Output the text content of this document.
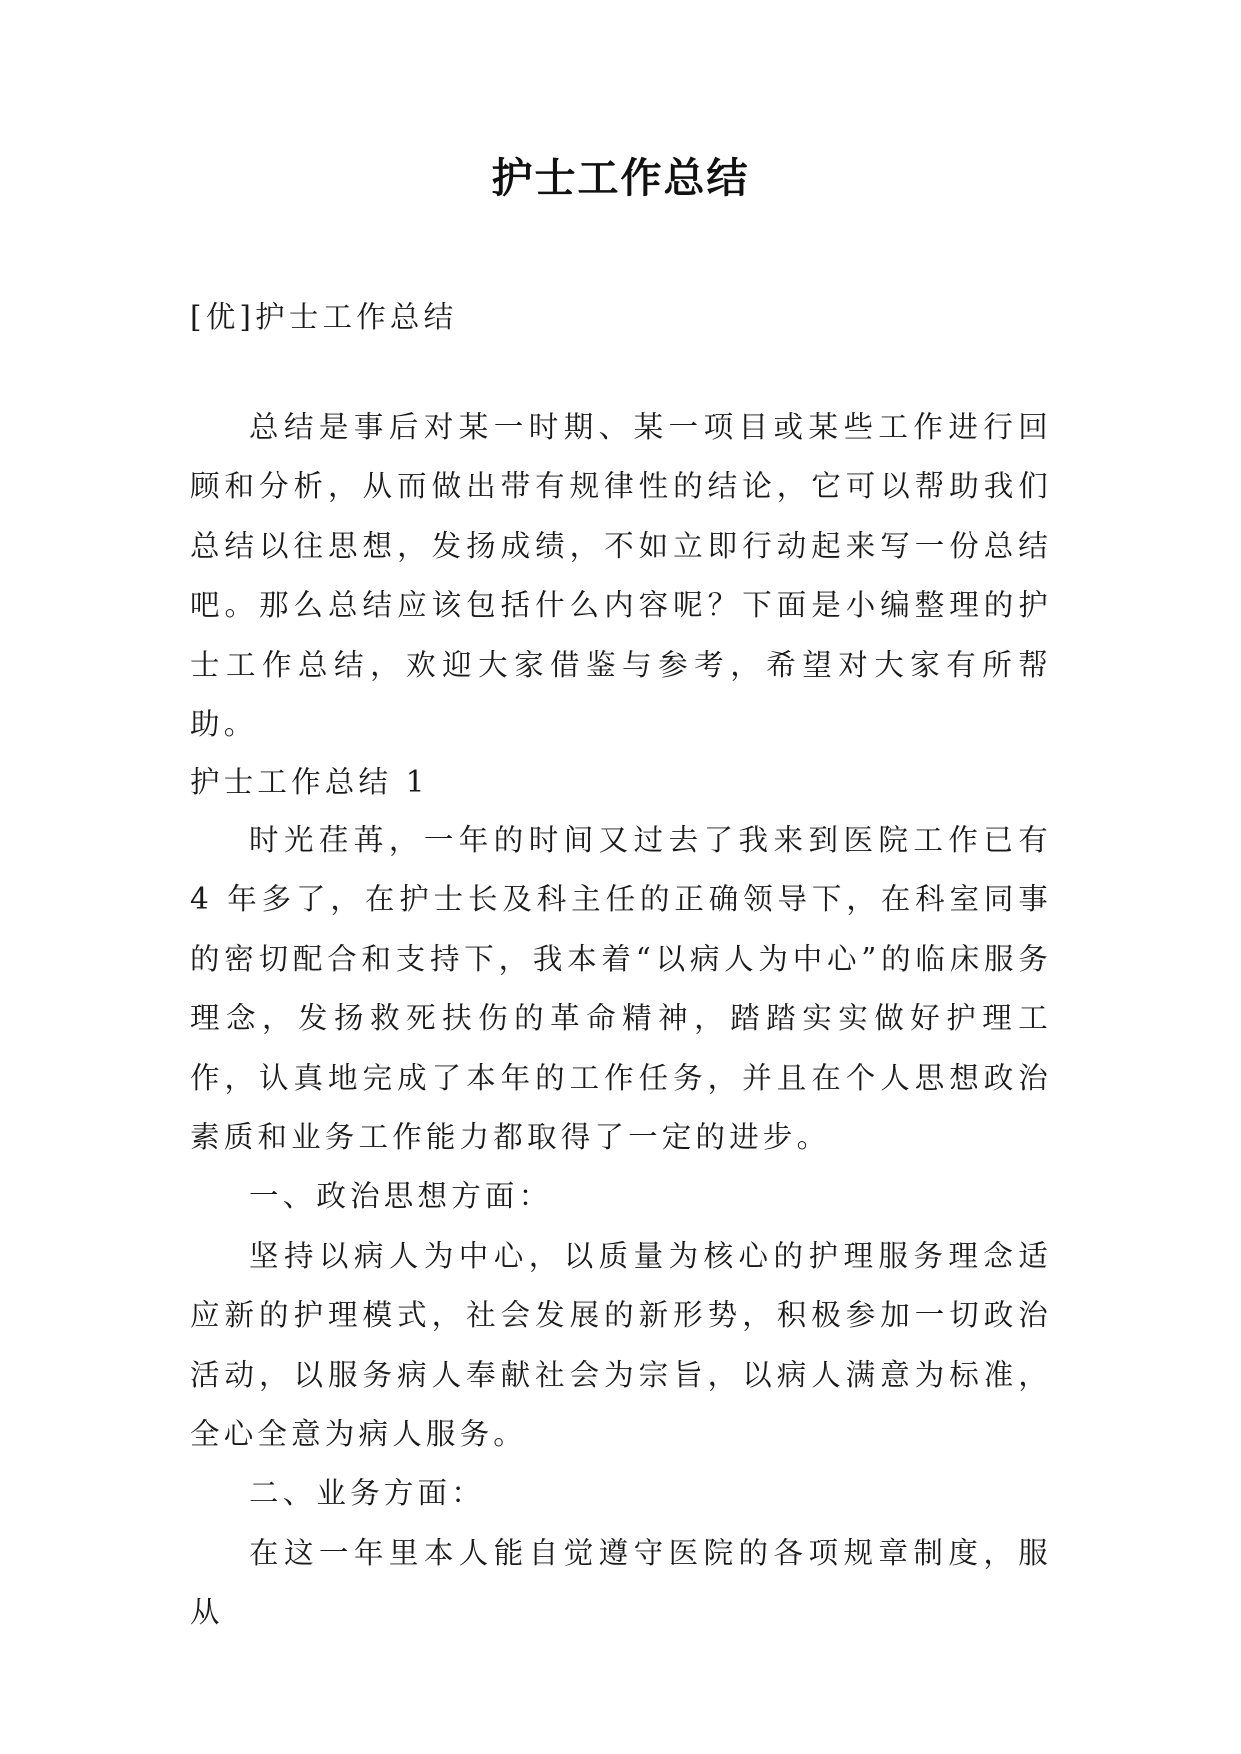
护士工作总结
[优]护士工作总结

总结是事后对某一时期、某一项目或某些工作进行回顾和分析，从而做出带有规律性的结论，它可以帮助我们总结以往思想，发扬成绩，不如立即行动起来写一份总结吧。那么总结应该包括什么内容呢？下面是小编整理的护士工作总结，欢迎大家借鉴与参考，希望对大家有所帮助。

护士工作总结 1

时光荏苒，一年的时间又过去了我来到医院工作已有 4 年多了，在护士长及科主任的正确领导下，在科室同事的密切配合和支持下，我本着“以病人为中心”的临床服务理念，发扬救死扶伤的革命精神，踏踏实实做好护理工作，认真地完成了本年的工作任务，并且在个人思想政治素质和业务工作能力都取得了一定的进步。

一、政治思想方面：

坚持以病人为中心，以质量为核心的护理服务理念适应新的护理模式，社会发展的新形势，积极参加一切政治活动，以服务病人奉献社会为宗旨，以病人满意为标准，全心全意为病人服务。

二、业务方面：

在这一年里本人能自觉遵守医院的各项规章制度，服从
